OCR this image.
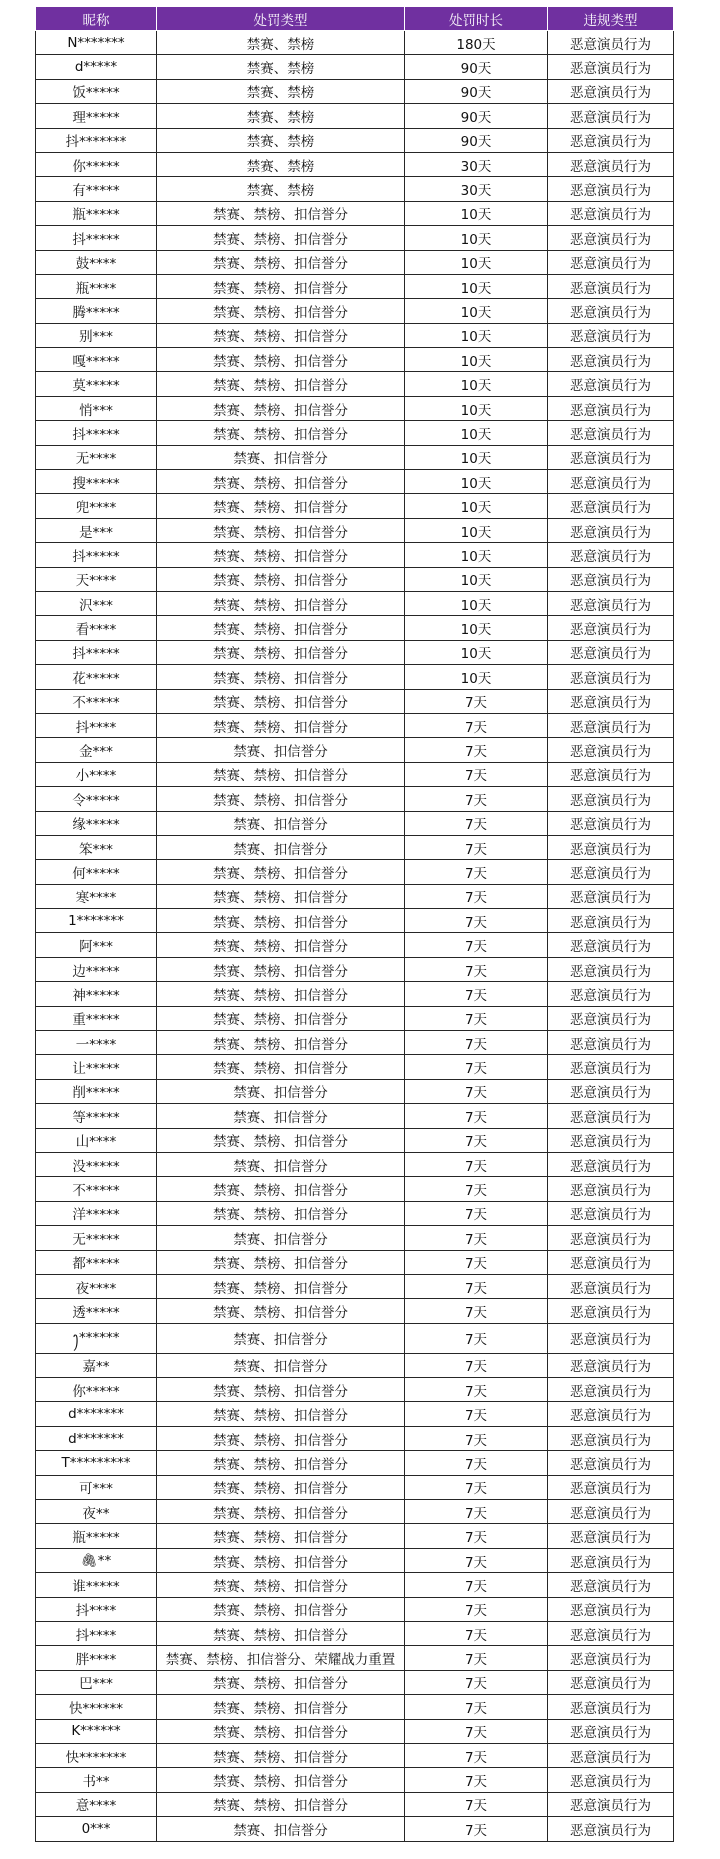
昵称	处罚类型	处罚时长	违规类型
N*******	禁赛、禁榜	180天	恶意演员行为
d*****	禁赛、禁榜	90天	恶意演员行为
饭*****	禁赛、禁榜	90天	恶意演员行为
理*****	禁赛、禁榜	90天	恶意演员行为
抖*******	禁赛、禁榜	90天	恶意演员行为
你*****	禁赛、禁榜	30天	恶意演员行为
有*****	禁赛、禁榜	30天	恶意演员行为
瓶*****	禁赛、禁榜、扣信誉分	10天	恶意演员行为
抖*****	禁赛、禁榜、扣信誉分	10天	恶意演员行为
鼓****	禁赛、禁榜、扣信誉分	10天	恶意演员行为
瓶****	禁赛、禁榜、扣信誉分	10天	恶意演员行为
腾*****	禁赛、禁榜、扣信誉分	10天	恶意演员行为
别***	禁赛、禁榜、扣信誉分	10天	恶意演员行为
嘎*****	禁赛、禁榜、扣信誉分	10天	恶意演员行为
莫*****	禁赛、禁榜、扣信誉分	10天	恶意演员行为
悄***	禁赛、禁榜、扣信誉分	10天	恶意演员行为
抖*****	禁赛、禁榜、扣信誉分	10天	恶意演员行为
无****	禁赛、扣信誉分	10天	恶意演员行为
搜*****	禁赛、禁榜、扣信誉分	10天	恶意演员行为
兜****	禁赛、禁榜、扣信誉分	10天	恶意演员行为
是***	禁赛、禁榜、扣信誉分	10天	恶意演员行为
抖*****	禁赛、禁榜、扣信誉分	10天	恶意演员行为
天****	禁赛、禁榜、扣信誉分	10天	恶意演员行为
沢***	禁赛、禁榜、扣信誉分	10天	恶意演员行为
看****	禁赛、禁榜、扣信誉分	10天	恶意演员行为
抖*****	禁赛、禁榜、扣信誉分	10天	恶意演员行为
花*****	禁赛、禁榜、扣信誉分	10天	恶意演员行为
不*****	禁赛、禁榜、扣信誉分	7天	恶意演员行为
抖****	禁赛、禁榜、扣信誉分	7天	恶意演员行为
金***	禁赛、扣信誉分	7天	恶意演员行为
小****	禁赛、禁榜、扣信誉分	7天	恶意演员行为
令*****	禁赛、禁榜、扣信誉分	7天	恶意演员行为
缘*****	禁赛、扣信誉分	7天	恶意演员行为
笨***	禁赛、扣信誉分	7天	恶意演员行为
何*****	禁赛、禁榜、扣信誉分	7天	恶意演员行为
寒****	禁赛、禁榜、扣信誉分	7天	恶意演员行为
1*******	禁赛、禁榜、扣信誉分	7天	恶意演员行为
阿***	禁赛、禁榜、扣信誉分	7天	恶意演员行为
边*****	禁赛、禁榜、扣信誉分	7天	恶意演员行为
神*****	禁赛、禁榜、扣信誉分	7天	恶意演员行为
重*****	禁赛、禁榜、扣信誉分	7天	恶意演员行为
一****	禁赛、禁榜、扣信誉分	7天	恶意演员行为
让*****	禁赛、禁榜、扣信誉分	7天	恶意演员行为
削*****	禁赛、扣信誉分	7天	恶意演员行为
等*****	禁赛、扣信誉分	7天	恶意演员行为
山****	禁赛、禁榜、扣信誉分	7天	恶意演员行为
没*****	禁赛、扣信誉分	7天	恶意演员行为
不*****	禁赛、禁榜、扣信誉分	7天	恶意演员行为
洋*****	禁赛、禁榜、扣信誉分	7天	恶意演员行为
无*****	禁赛、扣信誉分	7天	恶意演员行为
都*****	禁赛、禁榜、扣信誉分	7天	恶意演员行为
夜****	禁赛、禁榜、扣信誉分	7天	恶意演员行为
透*****	禁赛、禁榜、扣信誉分	7天	恶意演员行为
ꫂ******	禁赛、扣信誉分	7天	恶意演员行为
嘉**	禁赛、扣信誉分	7天	恶意演员行为
你*****	禁赛、禁榜、扣信誉分	7天	恶意演员行为
d*******	禁赛、禁榜、扣信誉分	7天	恶意演员行为
d*******	禁赛、禁榜、扣信誉分	7天	恶意演员行为
T*********	禁赛、禁榜、扣信誉分	7天	恶意演员行为
可***	禁赛、禁榜、扣信誉分	7天	恶意演员行为
夜**	禁赛、禁榜、扣信誉分	7天	恶意演员行为
瓶*****	禁赛、禁榜、扣信誉分	7天	恶意演员行为
🖇**	禁赛、禁榜、扣信誉分	7天	恶意演员行为
谁*****	禁赛、禁榜、扣信誉分	7天	恶意演员行为
抖****	禁赛、禁榜、扣信誉分	7天	恶意演员行为
抖****	禁赛、禁榜、扣信誉分	7天	恶意演员行为
胖****	禁赛、禁榜、扣信誉分、荣耀战力重置	7天	恶意演员行为
巴***	禁赛、禁榜、扣信誉分	7天	恶意演员行为
快******	禁赛、禁榜、扣信誉分	7天	恶意演员行为
K******	禁赛、禁榜、扣信誉分	7天	恶意演员行为
快*******	禁赛、禁榜、扣信誉分	7天	恶意演员行为
书**	禁赛、禁榜、扣信誉分	7天	恶意演员行为
意****	禁赛、禁榜、扣信誉分	7天	恶意演员行为
0***	禁赛、扣信誉分	7天	恶意演员行为
